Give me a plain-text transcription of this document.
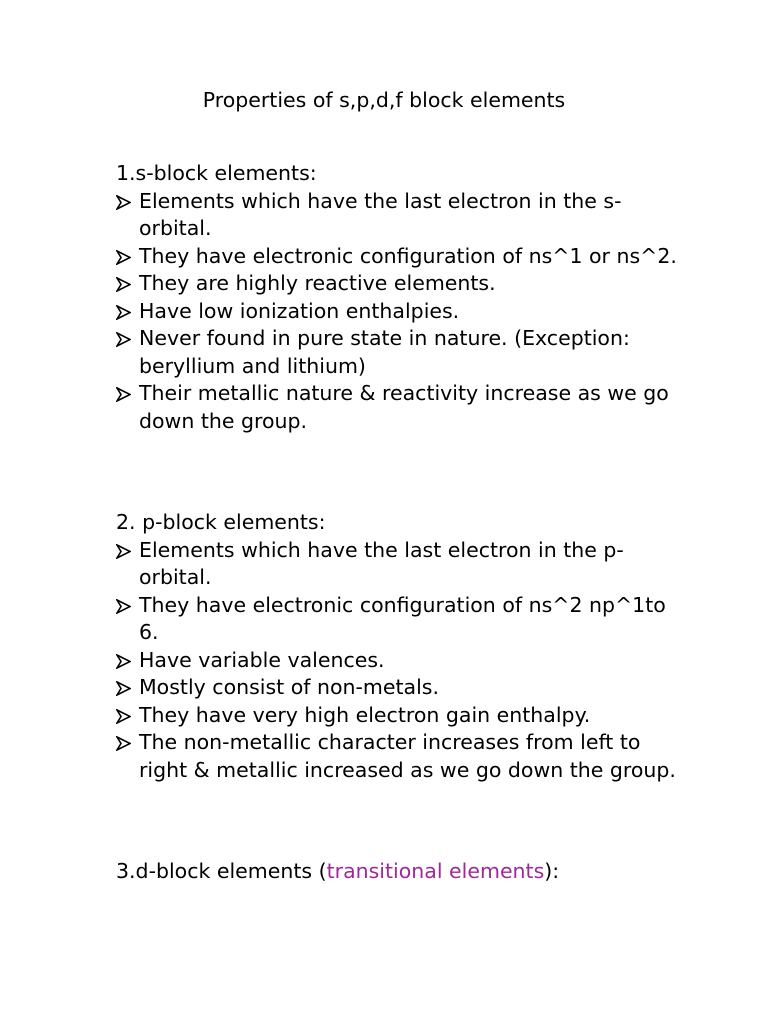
Properties of s,p,d,f block elements
1.s-block elements:
Elements which have the last electron in the s-orbital.
They have electronic configuration of ns^1 or ns^2.
They are highly reactive elements.
Have low ionization enthalpies.
Never found in pure state in nature. (Exception: beryllium and lithium)
Their metallic nature & reactivity increase as we go down the group.
2. p-block elements:
Elements which have the last electron in the p-orbital.
They have electronic configuration of ns^2 np^1to 6.
Have variable valences.
Mostly consist of non-metals.
They have very high electron gain enthalpy.
The non-metallic character increases from left to right & metallic increased as we go down the group.
3.d-block elements (transitional elements):
